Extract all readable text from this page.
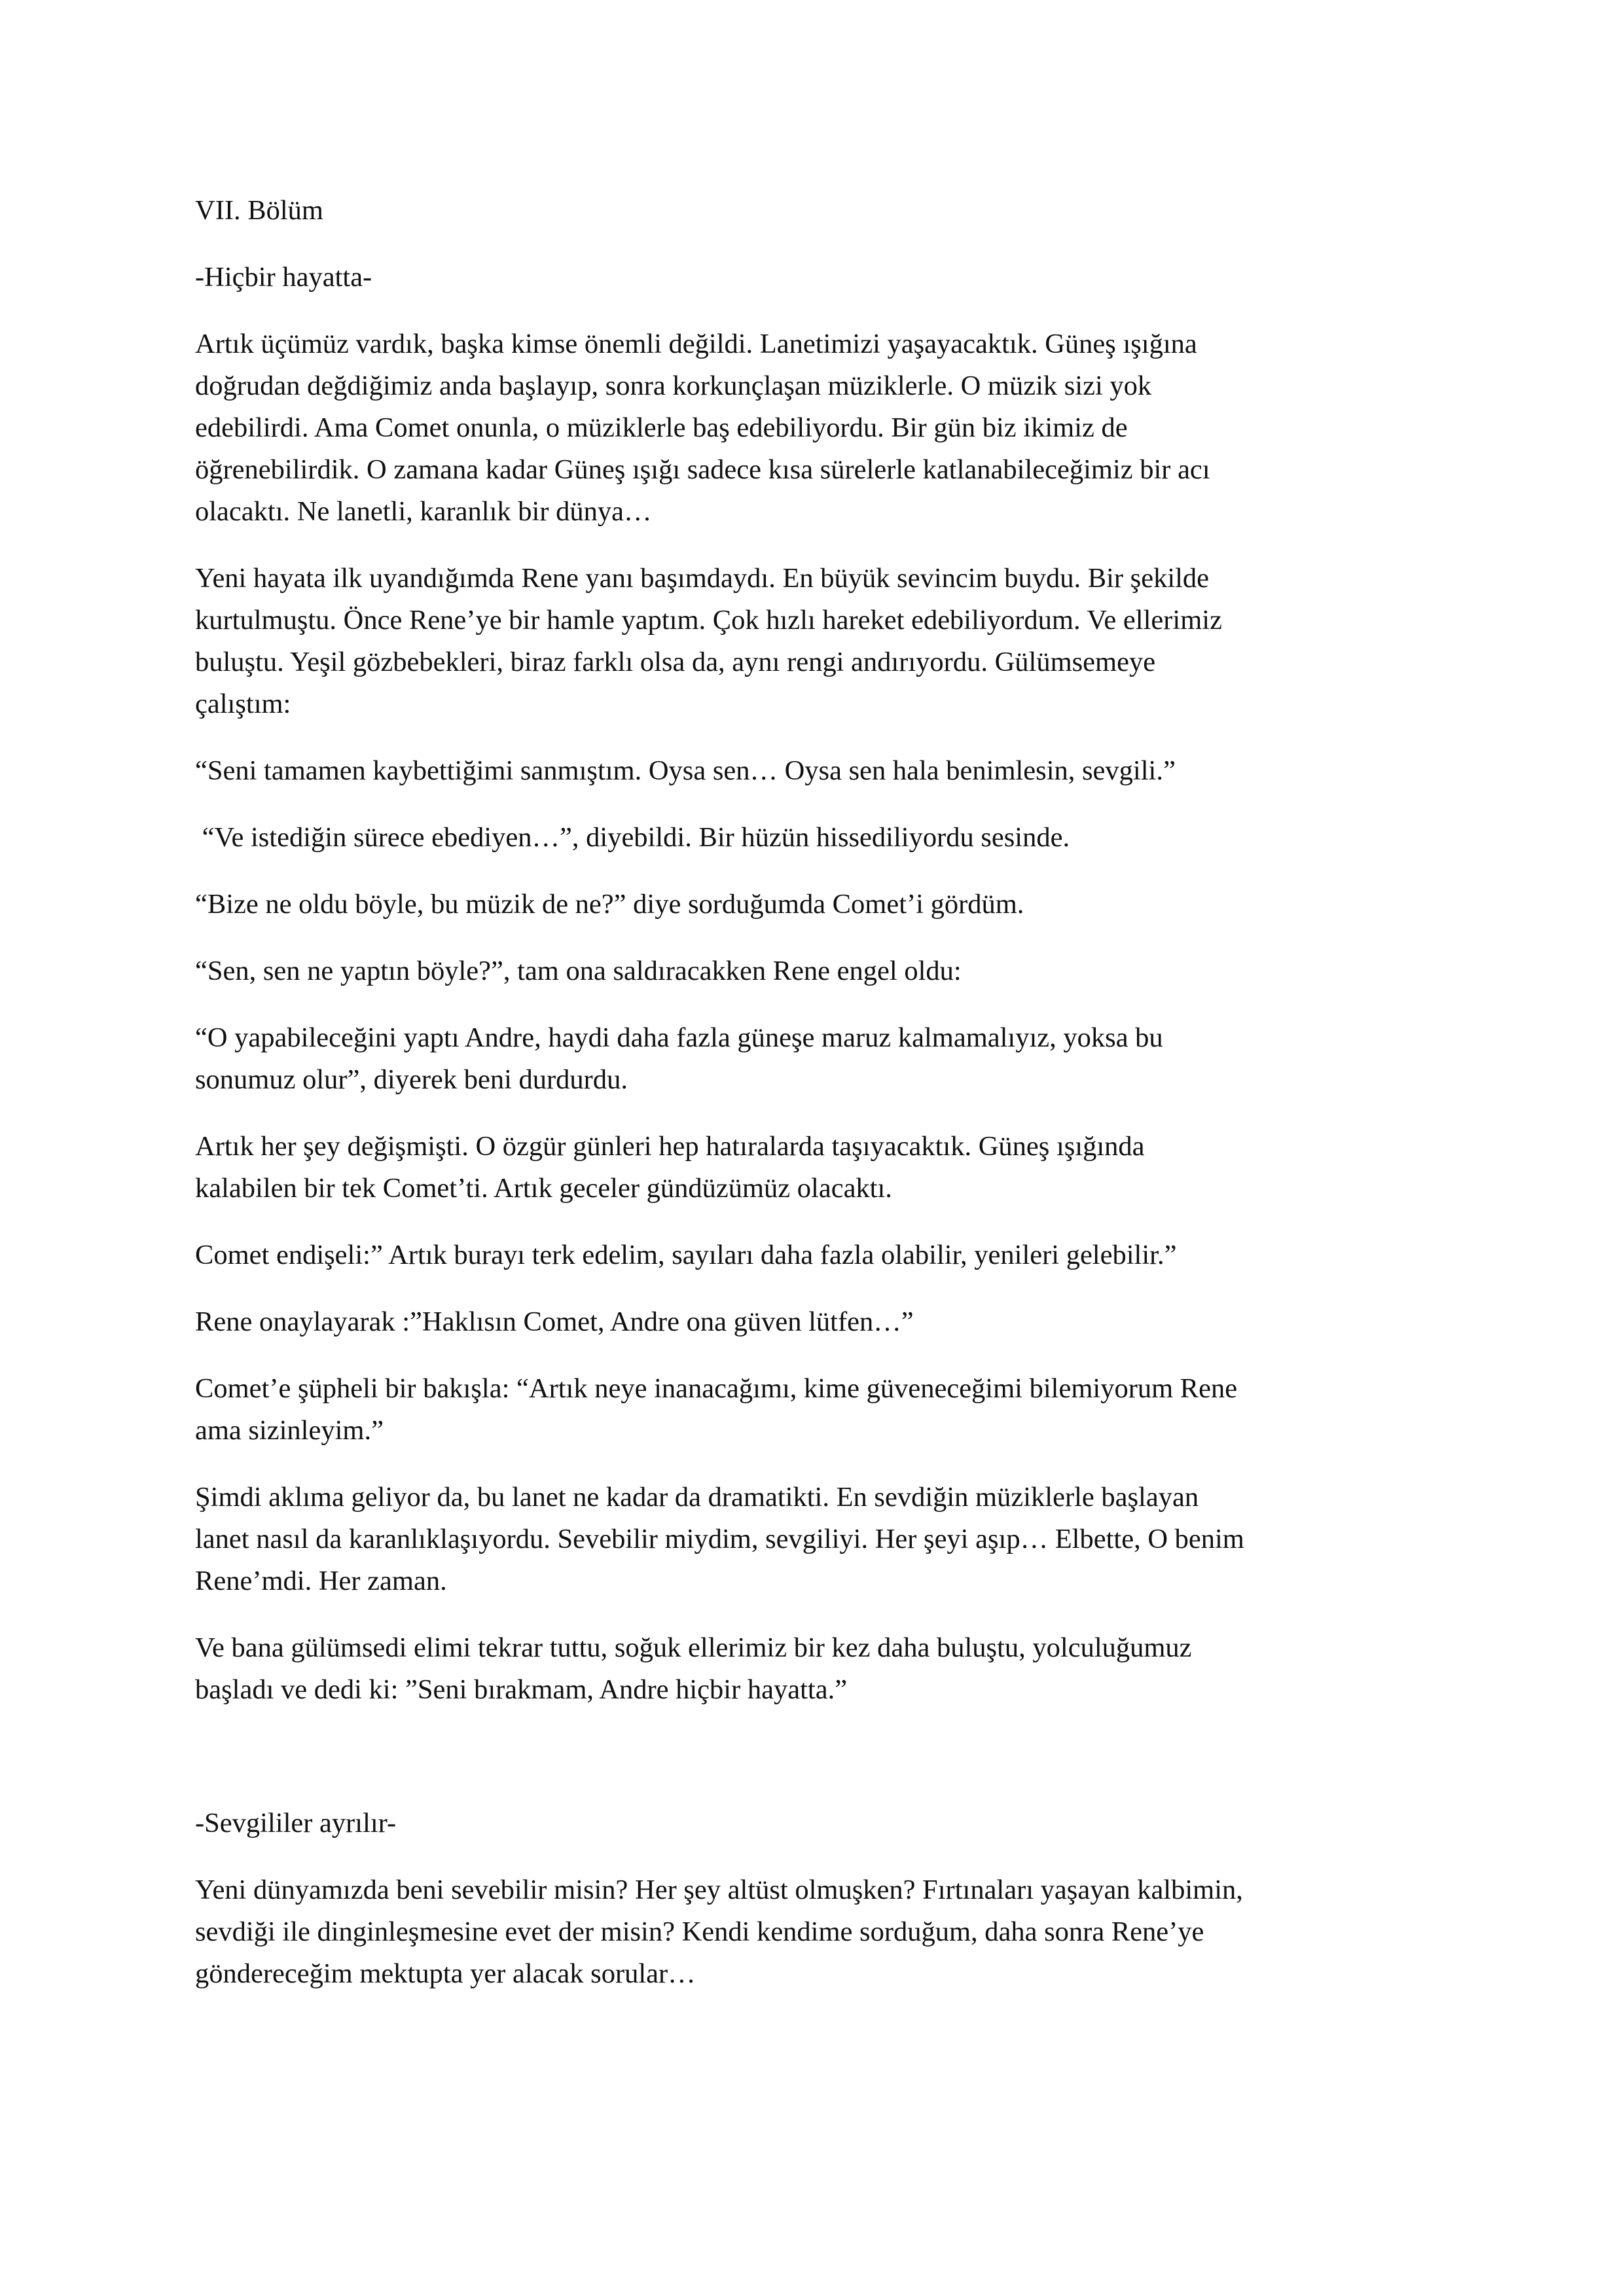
VII. Bölüm

-Hiçbir hayatta-

Artık üçümüz vardık, başka kimse önemli değildi. Lanetimizi yaşayacaktık. Güneş ışığına
doğrudan değdiğimiz anda başlayıp, sonra korkunçlaşan müziklerle. O müzik sizi yok
edebilirdi. Ama Comet onunla, o müziklerle baş edebiliyordu. Bir gün biz ikimiz de
öğrenebilirdik. O zamana kadar Güneş ışığı sadece kısa sürelerle katlanabileceğimiz bir acı
olacaktı. Ne lanetli, karanlık bir dünya…

Yeni hayata ilk uyandığımda Rene yanı başımdaydı. En büyük sevincim buydu. Bir şekilde
kurtulmuştu. Önce Rene’ye bir hamle yaptım. Çok hızlı hareket edebiliyordum. Ve ellerimiz
buluştu. Yeşil gözbebekleri, biraz farklı olsa da, aynı rengi andırıyordu. Gülümsemeye
çalıştım:

“Seni tamamen kaybettiğimi sanmıştım. Oysa sen… Oysa sen hala benimlesin, sevgili.”

“Ve istediğin sürece ebediyen…”, diyebildi. Bir hüzün hissediliyordu sesinde.

“Bize ne oldu böyle, bu müzik de ne?” diye sorduğumda Comet’i gördüm.

“Sen, sen ne yaptın böyle?”, tam ona saldıracakken Rene engel oldu:

“O yapabileceğini yaptı Andre, haydi daha fazla güneşe maruz kalmamalıyız, yoksa bu
sonumuz olur”, diyerek beni durdurdu.

Artık her şey değişmişti. O özgür günleri hep hatıralarda taşıyacaktık. Güneş ışığında
kalabilen bir tek Comet’ti. Artık geceler gündüzümüz olacaktı.

Comet endişeli:” Artık burayı terk edelim, sayıları daha fazla olabilir, yenileri gelebilir.”

Rene onaylayarak :”Haklısın Comet, Andre ona güven lütfen…”

Comet’e şüpheli bir bakışla: “Artık neye inanacağımı, kime güveneceğimi bilemiyorum Rene
ama sizinleyim.”

Şimdi aklıma geliyor da, bu lanet ne kadar da dramatikti. En sevdiğin müziklerle başlayan
lanet nasıl da karanlıklaşıyordu. Sevebilir miydim, sevgiliyi. Her şeyi aşıp… Elbette, O benim
Rene’mdi. Her zaman.

Ve bana gülümsedi elimi tekrar tuttu, soğuk ellerimiz bir kez daha buluştu, yolculuğumuz
başladı ve dedi ki: ”Seni bırakmam, Andre hiçbir hayatta.”

-Sevgililer ayrılır-

Yeni dünyamızda beni sevebilir misin? Her şey altüst olmuşken? Fırtınaları yaşayan kalbimin,
sevdiği ile dinginleşmesine evet der misin? Kendi kendime sorduğum, daha sonra Rene’ye
göndereceğim mektupta yer alacak sorular…
